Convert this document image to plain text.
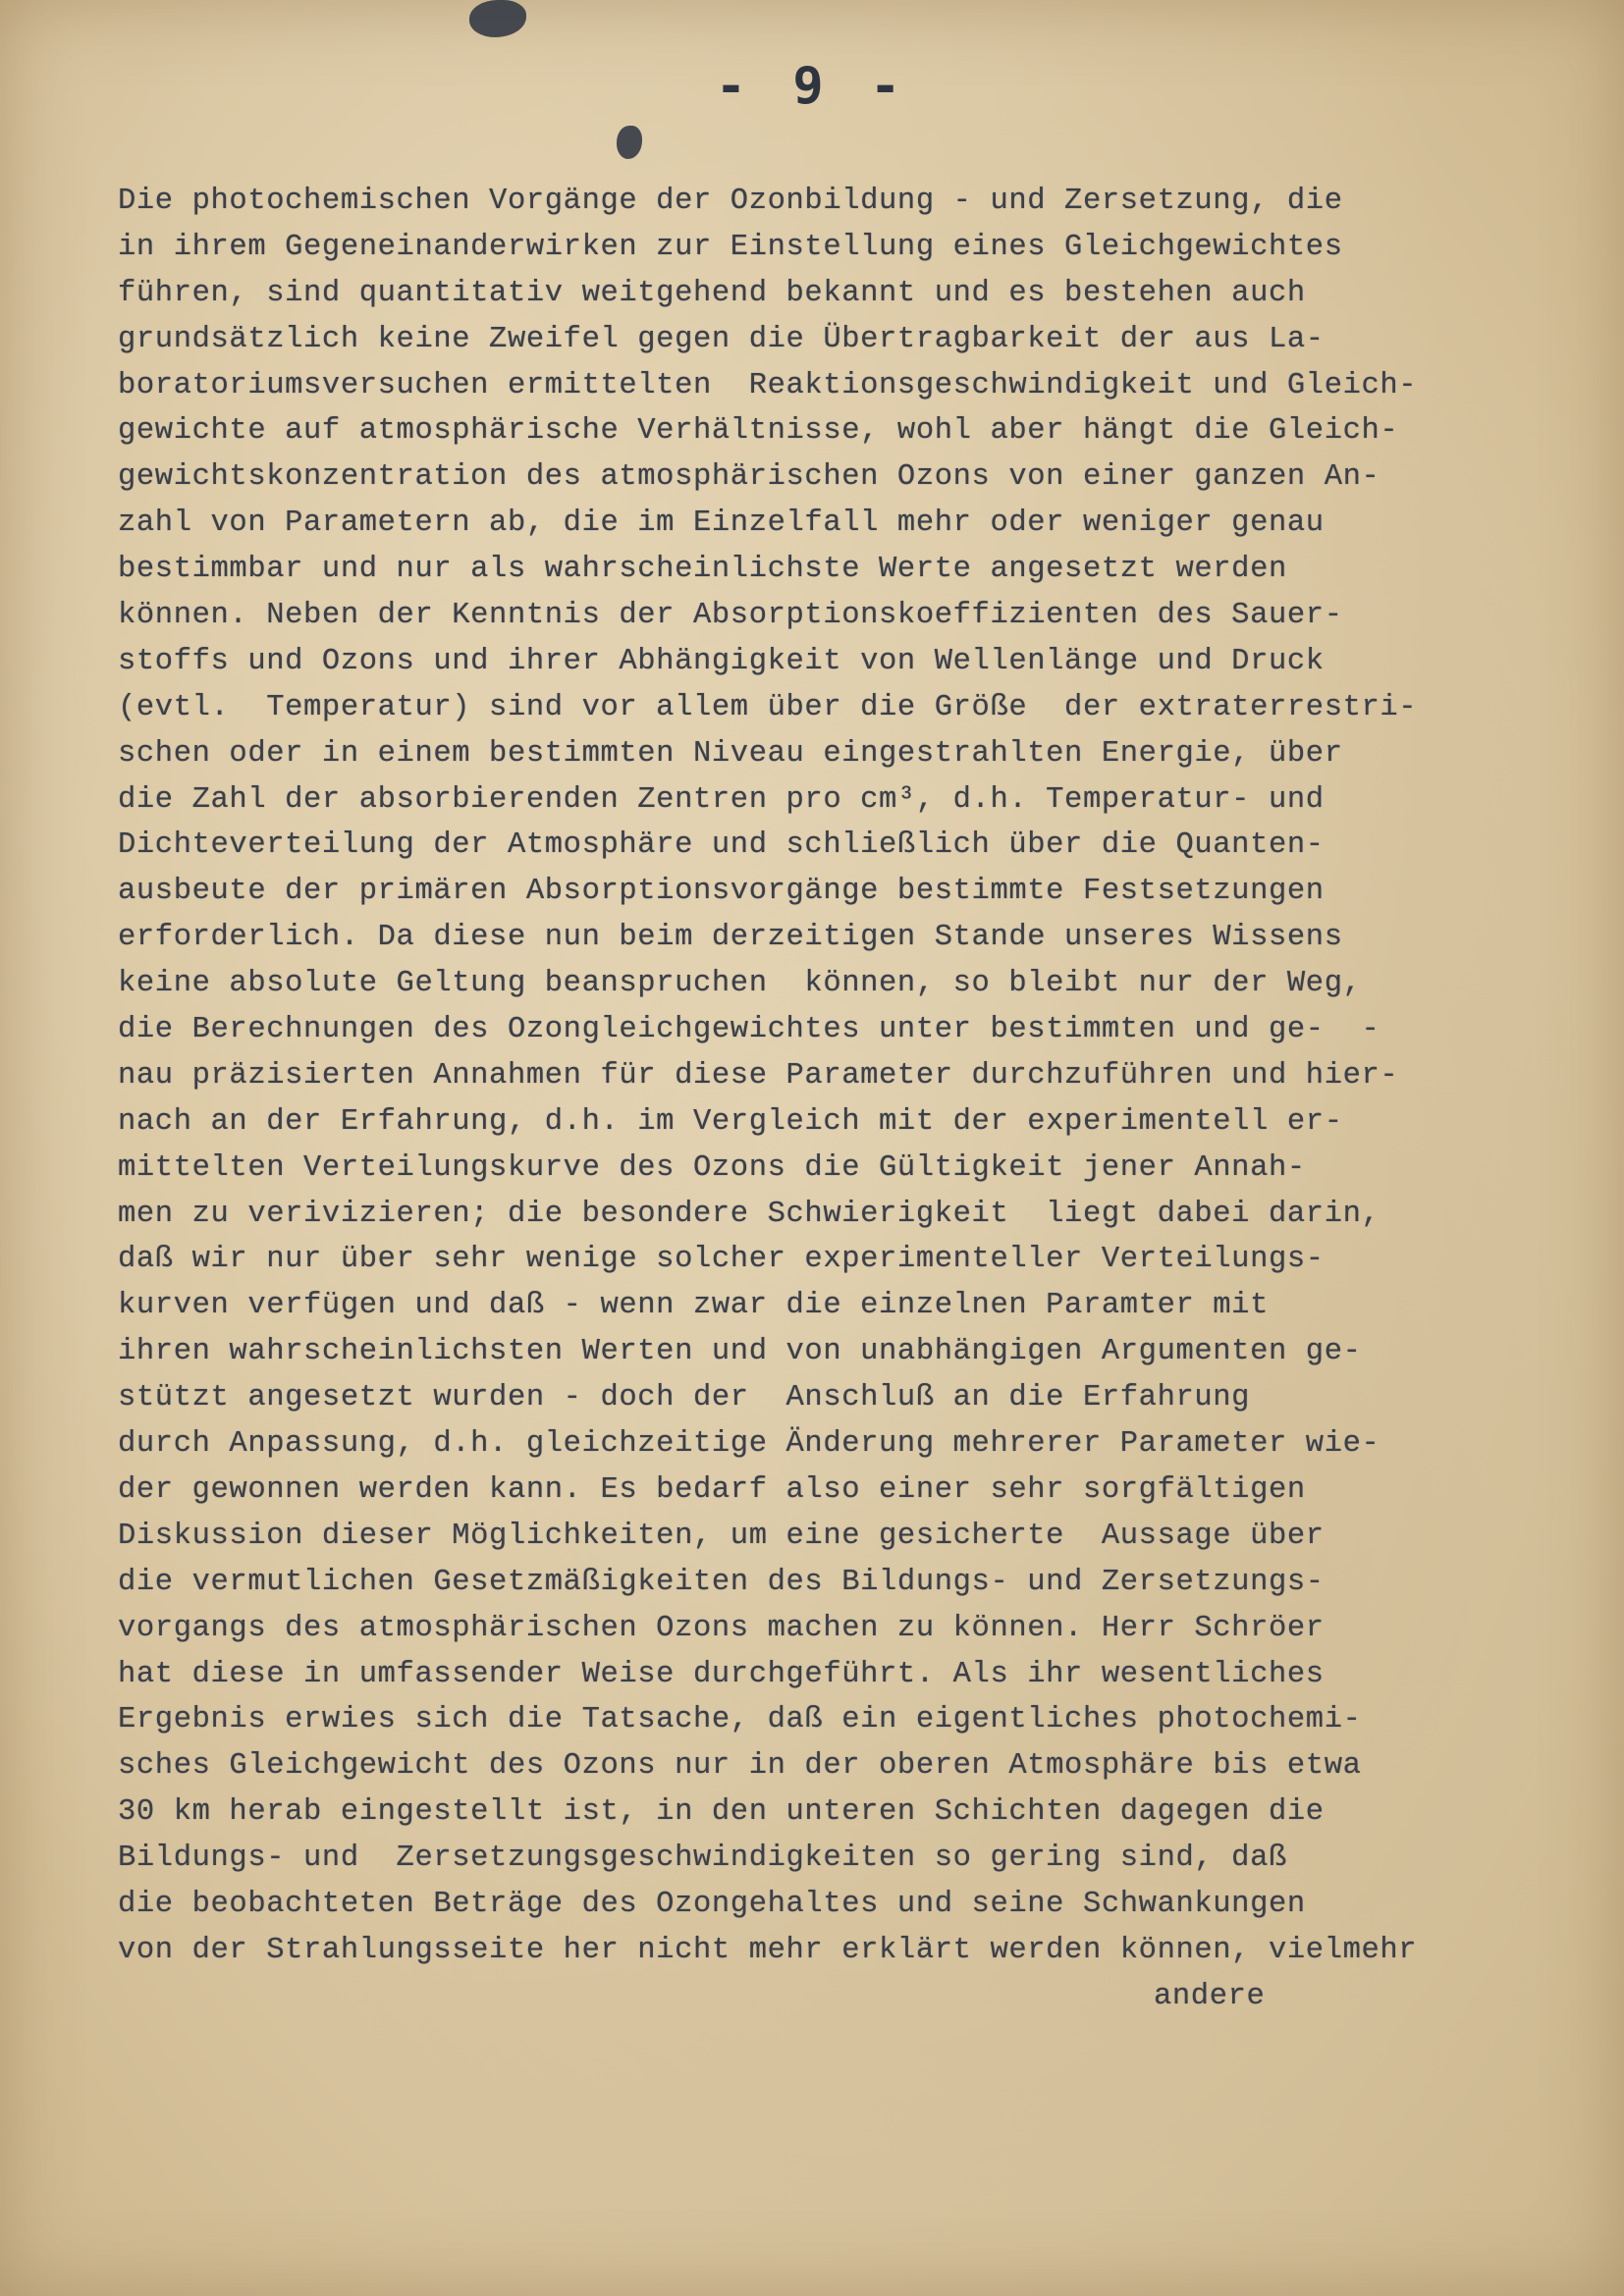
- 9 -
Die photochemischen Vorgänge der Ozonbildung - und Zersetzung, die
in ihrem Gegeneinanderwirken zur Einstellung eines Gleichgewichtes
führen, sind quantitativ weitgehend bekannt und es bestehen auch
grundsätzlich keine Zweifel gegen die Übertragbarkeit der aus La-
boratoriumsversuchen ermittelten  Reaktionsgeschwindigkeit und Gleich-
gewichte auf atmosphärische Verhältnisse, wohl aber hängt die Gleich-
gewichtskonzentration des atmosphärischen Ozons von einer ganzen An-
zahl von Parametern ab, die im Einzelfall mehr oder weniger genau
bestimmbar und nur als wahrscheinlichste Werte angesetzt werden
können. Neben der Kenntnis der Absorptionskoeffizienten des Sauer-
stoffs und Ozons und ihrer Abhängigkeit von Wellenlänge und Druck
(evtl.  Temperatur) sind vor allem über die Größe  der extraterrestri-
schen oder in einem bestimmten Niveau eingestrahlten Energie, über
die Zahl der absorbierenden Zentren pro cm³, d.h. Temperatur- und
Dichteverteilung der Atmosphäre und schließlich über die Quanten-
ausbeute der primären Absorptionsvorgänge bestimmte Festsetzungen
erforderlich. Da diese nun beim derzeitigen Stande unseres Wissens
keine absolute Geltung beanspruchen  können, so bleibt nur der Weg,
die Berechnungen des Ozongleichgewichtes unter bestimmten und ge-  -
nau präzisierten Annahmen für diese Parameter durchzuführen und hier-
nach an der Erfahrung, d.h. im Vergleich mit der experimentell er-
mittelten Verteilungskurve des Ozons die Gültigkeit jener Annah-
men zu verivizieren; die besondere Schwierigkeit  liegt dabei darin,
daß wir nur über sehr wenige solcher experimenteller Verteilungs-
kurven verfügen und daß - wenn zwar die einzelnen Paramter mit
ihren wahrscheinlichsten Werten und von unabhängigen Argumenten ge-
stützt angesetzt wurden - doch der  Anschluß an die Erfahrung
durch Anpassung, d.h. gleichzeitige Änderung mehrerer Parameter wie-
der gewonnen werden kann. Es bedarf also einer sehr sorgfältigen
Diskussion dieser Möglichkeiten, um eine gesicherte  Aussage über
die vermutlichen Gesetzmäßigkeiten des Bildungs- und Zersetzungs-
vorgangs des atmosphärischen Ozons machen zu können. Herr Schröer
hat diese in umfassender Weise durchgeführt. Als ihr wesentliches
Ergebnis erwies sich die Tatsache, daß ein eigentliches photochemi-
sches Gleichgewicht des Ozons nur in der oberen Atmosphäre bis etwa
30 km herab eingestellt ist, in den unteren Schichten dagegen die
Bildungs- und  Zersetzungsgeschwindigkeiten so gering sind, daß
die beobachteten Beträge des Ozongehaltes und seine Schwankungen
von der Strahlungsseite her nicht mehr erklärt werden können, vielmehr
andere
